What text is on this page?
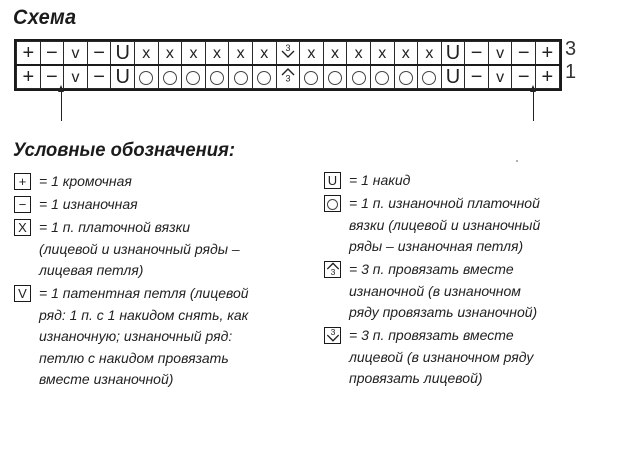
Схема
+	−	v	−	U	x	x	x	x	x	x	3	x	x	x	x	x	x	U	−	v	−	+
+	−	v	−	U							3							U	−	v	−	+
3
1
Условные обозначения:
+ = 1 кромочная
− = 1 изнаночная
X = 1 п. платочной вязки
(лицевой и изнаночный ряды –
лицевая петля)
V = 1 патентная петля (лицевой
ряд: 1 п. с 1 накидом снять, как
изнаночную; изнаночный ряд:
петлю с накидом провязать
вместе изнаночной)
U = 1 накид
= 1 п. изнаночной платочной
вязки (лицевой и изнаночный
ряды – изнаночная петля)
3 = 3 п. провязать вместе
изнаночной (в изнаночном
ряду провязать изнаночной)
3 = 3 п. провязать вместе
лицевой (в изнаночном ряду
провязать лицевой)
